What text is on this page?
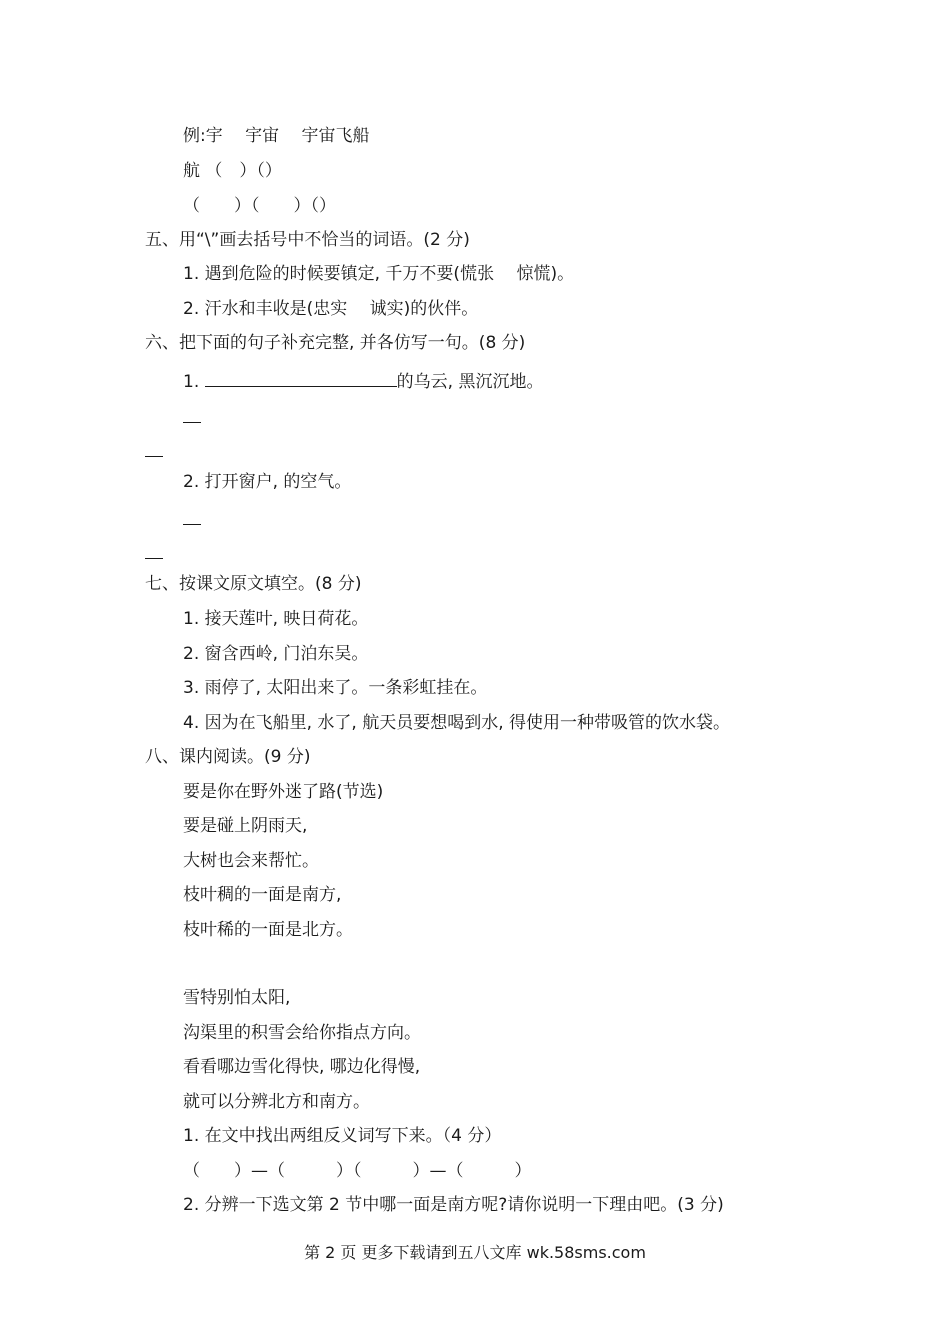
例:宇　 宇宙　 宇宙飞船
航 （　）（）
（　　）（　　）（）
五、用“\”画去括号中不恰当的词语。(2 分)
1. 遇到危险的时候要镇定, 千万不要(慌张　 惊慌)。
2. 汗水和丰收是(忠实　 诚实)的伙伴。
六、把下面的句子补充完整, 并各仿写一句。(8 分)
1.	的乌云, 黑沉沉地。
2. 打开窗户, 的空气。
七、按课文原文填空。(8 分)
1. 接天莲叶, 映日荷花。
2. 窗含西岭, 门泊东吴。
3. 雨停了, 太阳出来了。一条彩虹挂在。
4. 因为在飞船里, 水了, 航天员要想喝到水, 得使用一种带吸管的饮水袋。
八、课内阅读。(9 分)
要是你在野外迷了路(节选)
要是碰上阴雨天,
大树也会来帮忙。
枝叶稠的一面是南方,
枝叶稀的一面是北方。
雪特别怕太阳,
沟渠里的积雪会给你指点方向。
看看哪边雪化得快, 哪边化得慢,
就可以分辨北方和南方。
1. 在文中找出两组反义词写下来。（4 分）
（　　）—（　　　）（　　　）—（　　　）
2. 分辨一下选文第 2 节中哪一面是南方呢?请你说明一下理由吧。(3 分)
第 2 页 更多下载请到五八文库 wk.58sms.com
